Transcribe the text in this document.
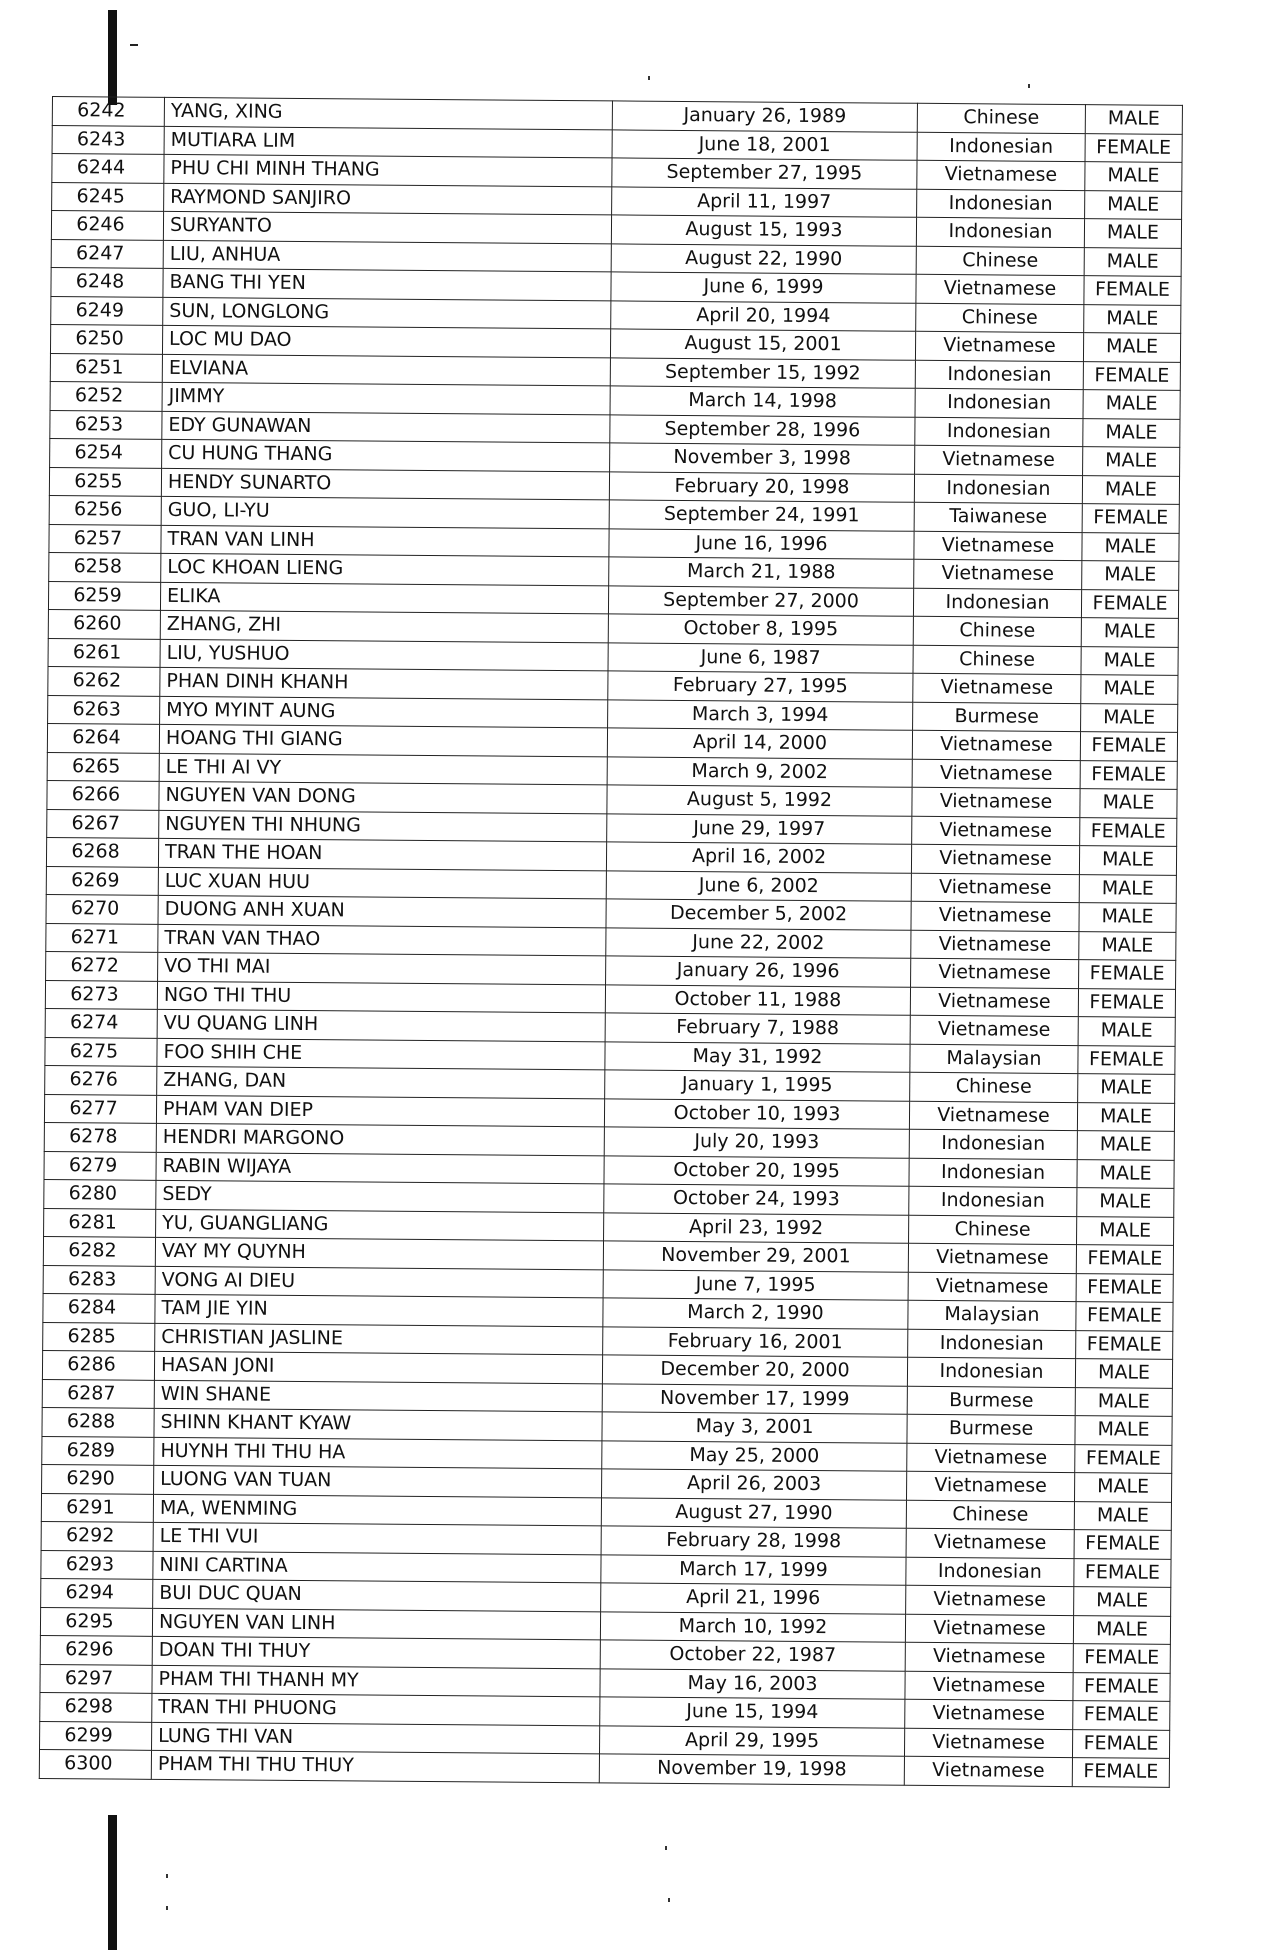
6242	YANG, XING	January 26, 1989	Chinese	MALE
6243	MUTIARA LIM	June 18, 2001	Indonesian	FEMALE
6244	PHU CHI MINH THANG	September 27, 1995	Vietnamese	MALE
6245	RAYMOND SANJIRO	April 11, 1997	Indonesian	MALE
6246	SURYANTO	August 15, 1993	Indonesian	MALE
6247	LIU, ANHUA	August 22, 1990	Chinese	MALE
6248	BANG THI YEN	June 6, 1999	Vietnamese	FEMALE
6249	SUN, LONGLONG	April 20, 1994	Chinese	MALE
6250	LOC MU DAO	August 15, 2001	Vietnamese	MALE
6251	ELVIANA	September 15, 1992	Indonesian	FEMALE
6252	JIMMY	March 14, 1998	Indonesian	MALE
6253	EDY GUNAWAN	September 28, 1996	Indonesian	MALE
6254	CU HUNG THANG	November 3, 1998	Vietnamese	MALE
6255	HENDY SUNARTO	February 20, 1998	Indonesian	MALE
6256	GUO, LI-YU	September 24, 1991	Taiwanese	FEMALE
6257	TRAN VAN LINH	June 16, 1996	Vietnamese	MALE
6258	LOC KHOAN LIENG	March 21, 1988	Vietnamese	MALE
6259	ELIKA	September 27, 2000	Indonesian	FEMALE
6260	ZHANG, ZHI	October 8, 1995	Chinese	MALE
6261	LIU, YUSHUO	June 6, 1987	Chinese	MALE
6262	PHAN DINH KHANH	February 27, 1995	Vietnamese	MALE
6263	MYO MYINT AUNG	March 3, 1994	Burmese	MALE
6264	HOANG THI GIANG	April 14, 2000	Vietnamese	FEMALE
6265	LE THI AI VY	March 9, 2002	Vietnamese	FEMALE
6266	NGUYEN VAN DONG	August 5, 1992	Vietnamese	MALE
6267	NGUYEN THI NHUNG	June 29, 1997	Vietnamese	FEMALE
6268	TRAN THE HOAN	April 16, 2002	Vietnamese	MALE
6269	LUC XUAN HUU	June 6, 2002	Vietnamese	MALE
6270	DUONG ANH XUAN	December 5, 2002	Vietnamese	MALE
6271	TRAN VAN THAO	June 22, 2002	Vietnamese	MALE
6272	VO THI MAI	January 26, 1996	Vietnamese	FEMALE
6273	NGO THI THU	October 11, 1988	Vietnamese	FEMALE
6274	VU QUANG LINH	February 7, 1988	Vietnamese	MALE
6275	FOO SHIH CHE	May 31, 1992	Malaysian	FEMALE
6276	ZHANG, DAN	January 1, 1995	Chinese	MALE
6277	PHAM VAN DIEP	October 10, 1993	Vietnamese	MALE
6278	HENDRI MARGONO	July 20, 1993	Indonesian	MALE
6279	RABIN WIJAYA	October 20, 1995	Indonesian	MALE
6280	SEDY	October 24, 1993	Indonesian	MALE
6281	YU, GUANGLIANG	April 23, 1992	Chinese	MALE
6282	VAY MY QUYNH	November 29, 2001	Vietnamese	FEMALE
6283	VONG AI DIEU	June 7, 1995	Vietnamese	FEMALE
6284	TAM JIE YIN	March 2, 1990	Malaysian	FEMALE
6285	CHRISTIAN JASLINE	February 16, 2001	Indonesian	FEMALE
6286	HASAN JONI	December 20, 2000	Indonesian	MALE
6287	WIN SHANE	November 17, 1999	Burmese	MALE
6288	SHINN KHANT KYAW	May 3, 2001	Burmese	MALE
6289	HUYNH THI THU HA	May 25, 2000	Vietnamese	FEMALE
6290	LUONG VAN TUAN	April 26, 2003	Vietnamese	MALE
6291	MA, WENMING	August 27, 1990	Chinese	MALE
6292	LE THI VUI	February 28, 1998	Vietnamese	FEMALE
6293	NINI CARTINA	March 17, 1999	Indonesian	FEMALE
6294	BUI DUC QUAN	April 21, 1996	Vietnamese	MALE
6295	NGUYEN VAN LINH	March 10, 1992	Vietnamese	MALE
6296	DOAN THI THUY	October 22, 1987	Vietnamese	FEMALE
6297	PHAM THI THANH MY	May 16, 2003	Vietnamese	FEMALE
6298	TRAN THI PHUONG	June 15, 1994	Vietnamese	FEMALE
6299	LUNG THI VAN	April 29, 1995	Vietnamese	FEMALE
6300	PHAM THI THU THUY	November 19, 1998	Vietnamese	FEMALE
